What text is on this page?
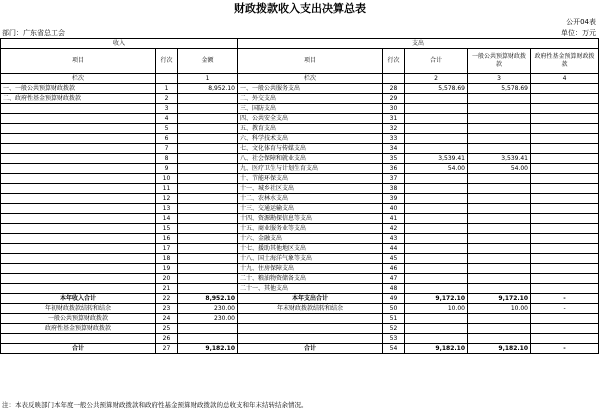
财政拨款收入支出决算总表
公开04表
部门：广东省总工会	单位：万元
收入			支出				
项目	行次	金额	项目	行次	合计	一般公共预算财政拨款	政府性基金预算财政拨款
栏次		1	栏次		2	3	4
一、一般公共预算财政拨款	1	8,952.10	一、一般公共服务支出	28	5,578.69	5,578.69	
二、政府性基金预算财政拨款	2		二、外交支出	29			
	3		三、国防支出	30			
	4		四、公共安全支出	31			
	5		五、教育支出	32			
	6		六、科学技术支出	33			
	7		七、文化体育与传媒支出	34			
	8		八、社会保障和就业支出	35	3,539.41	3,539.41	
	9		九、医疗卫生与计划生育支出	36	54.00	54.00	
	10		十、节能环保支出	37			
	11		十一、城乡社区支出	38			
	12		十二、农林水支出	39			
	13		十三、交通运输支出	40			
	14		十四、资源勘探信息等支出	41			
	15		十五、商业服务业等支出	42			
	16		十六、金融支出	43			
	17		十七、援助其他地区支出	44			
	18		十八、国土海洋气象等支出	45			
	19		十九、住房保障支出	46			
	20		二十、粮油物资储备支出	47			
	21		二十一、其他支出	48			
本年收入合计	22	8,952.10	本年支出合计	49	9,172.10	9,172.10	-
年初财政拨款结转和结余	23	230.00	年末财政拨款结转和结余	50	10.00	10.00	-
一般公共预算财政拨款	24	230.00		51			
政府性基金预算财政拨款	25			52			
	26			53			
合计	27	9,182.10	合计	54	9,182.10	9,182.10	-
注：本表反映部门本年度一般公共预算财政拨款和政府性基金预算财政拨款的总收支和年末结转结余情况。
